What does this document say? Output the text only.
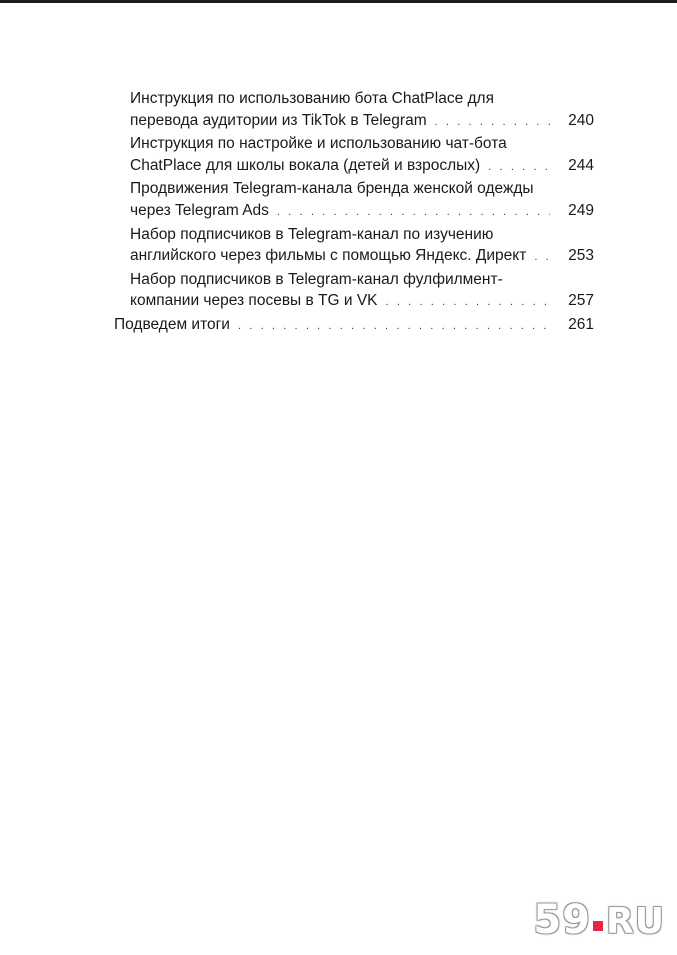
Инструкция по использованию бота ChatPlace для
перевода аудитории из TikTok в Telegram . . .	240
Инструкция по настройке и использованию чат-бота
ChatPlace для школы вокала (детей и взрослых) . . .	244
Продвижения Telegram-канала бренда женской одежды
через Telegram Ads . . .	249
Набор подписчиков в Telegram-канал по изучению
английского через фильмы с помощью Яндекс. Директ . . .	253
Набор подписчиков в Telegram-канал фулфилмент-
компании через посевы в TG и VK . . .	257
Подведем итоги . . .	261
59 RU
